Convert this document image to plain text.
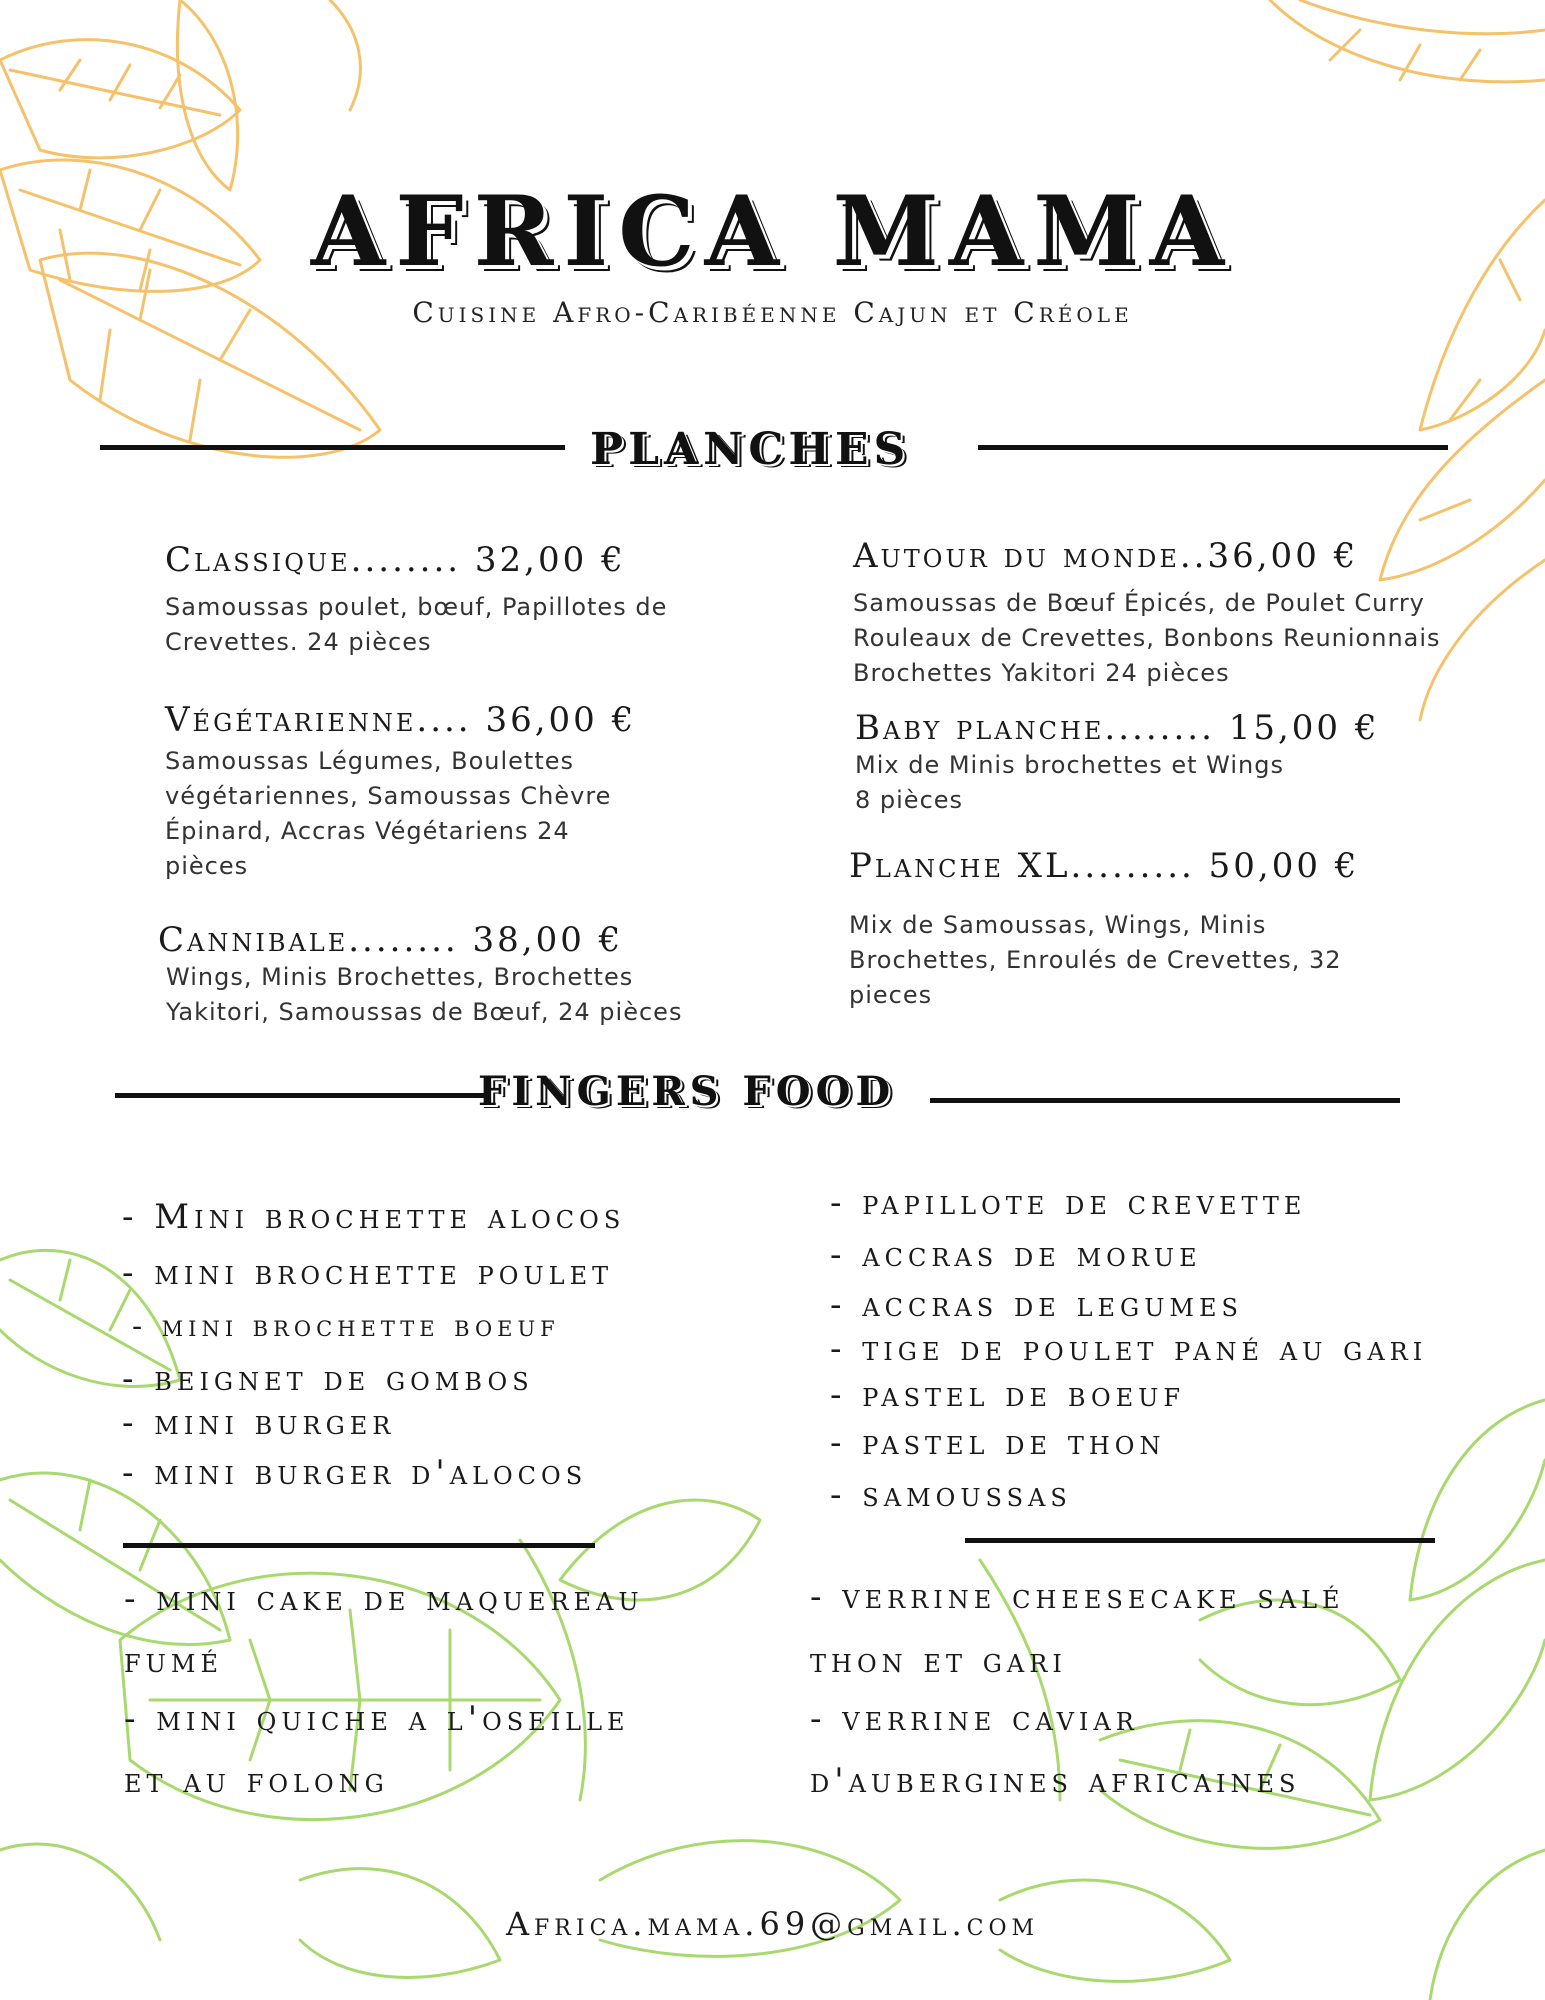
AFRICA MAMA
Cuisine Afro-Caribéenne Cajun et Créole
PLANCHES
Classique........ 32,00 €
Samoussas poulet, bœuf, Papillotes de Crevettes. 24 pièces
Végétarienne.... 36,00 €
Samoussas Légumes, Boulettes végétariennes, Samoussas Chèvre Épinard, Accras Végétariens 24 pièces
Cannibale........ 38,00 €
Wings, Minis Brochettes, Brochettes Yakitori, Samoussas de Bœuf, 24 pièces
Autour du monde..36,00 €
Samoussas de Bœuf Épicés, de Poulet Curry Rouleaux de Crevettes, Bonbons Reunionnais Brochettes Yakitori 24 pièces
Baby planche........ 15,00 €
Mix de Minis brochettes et Wings
8 pièces
Planche XL......... 50,00 €
Mix de Samoussas, Wings, Minis Brochettes, Enroulés de Crevettes, 32 pieces
FINGERS FOOD
- Mini brochette alocos
- mini brochette poulet
- mini brochette boeuf
- beignet de gombos
- mini burger
- mini burger d'alocos
- papillote de crevette
- accras de morue
- accras de legumes
- tige de poulet pané au gari
- pastel de boeuf
- pastel de thon
- samoussas
- mini cake de maquereau
fumé
- mini quiche a l'oseille
et au folong
- verrine cheesecake salé
thon et gari
- verrine caviar
d'aubergines africaines
Africa.mama.69@gmail.com
